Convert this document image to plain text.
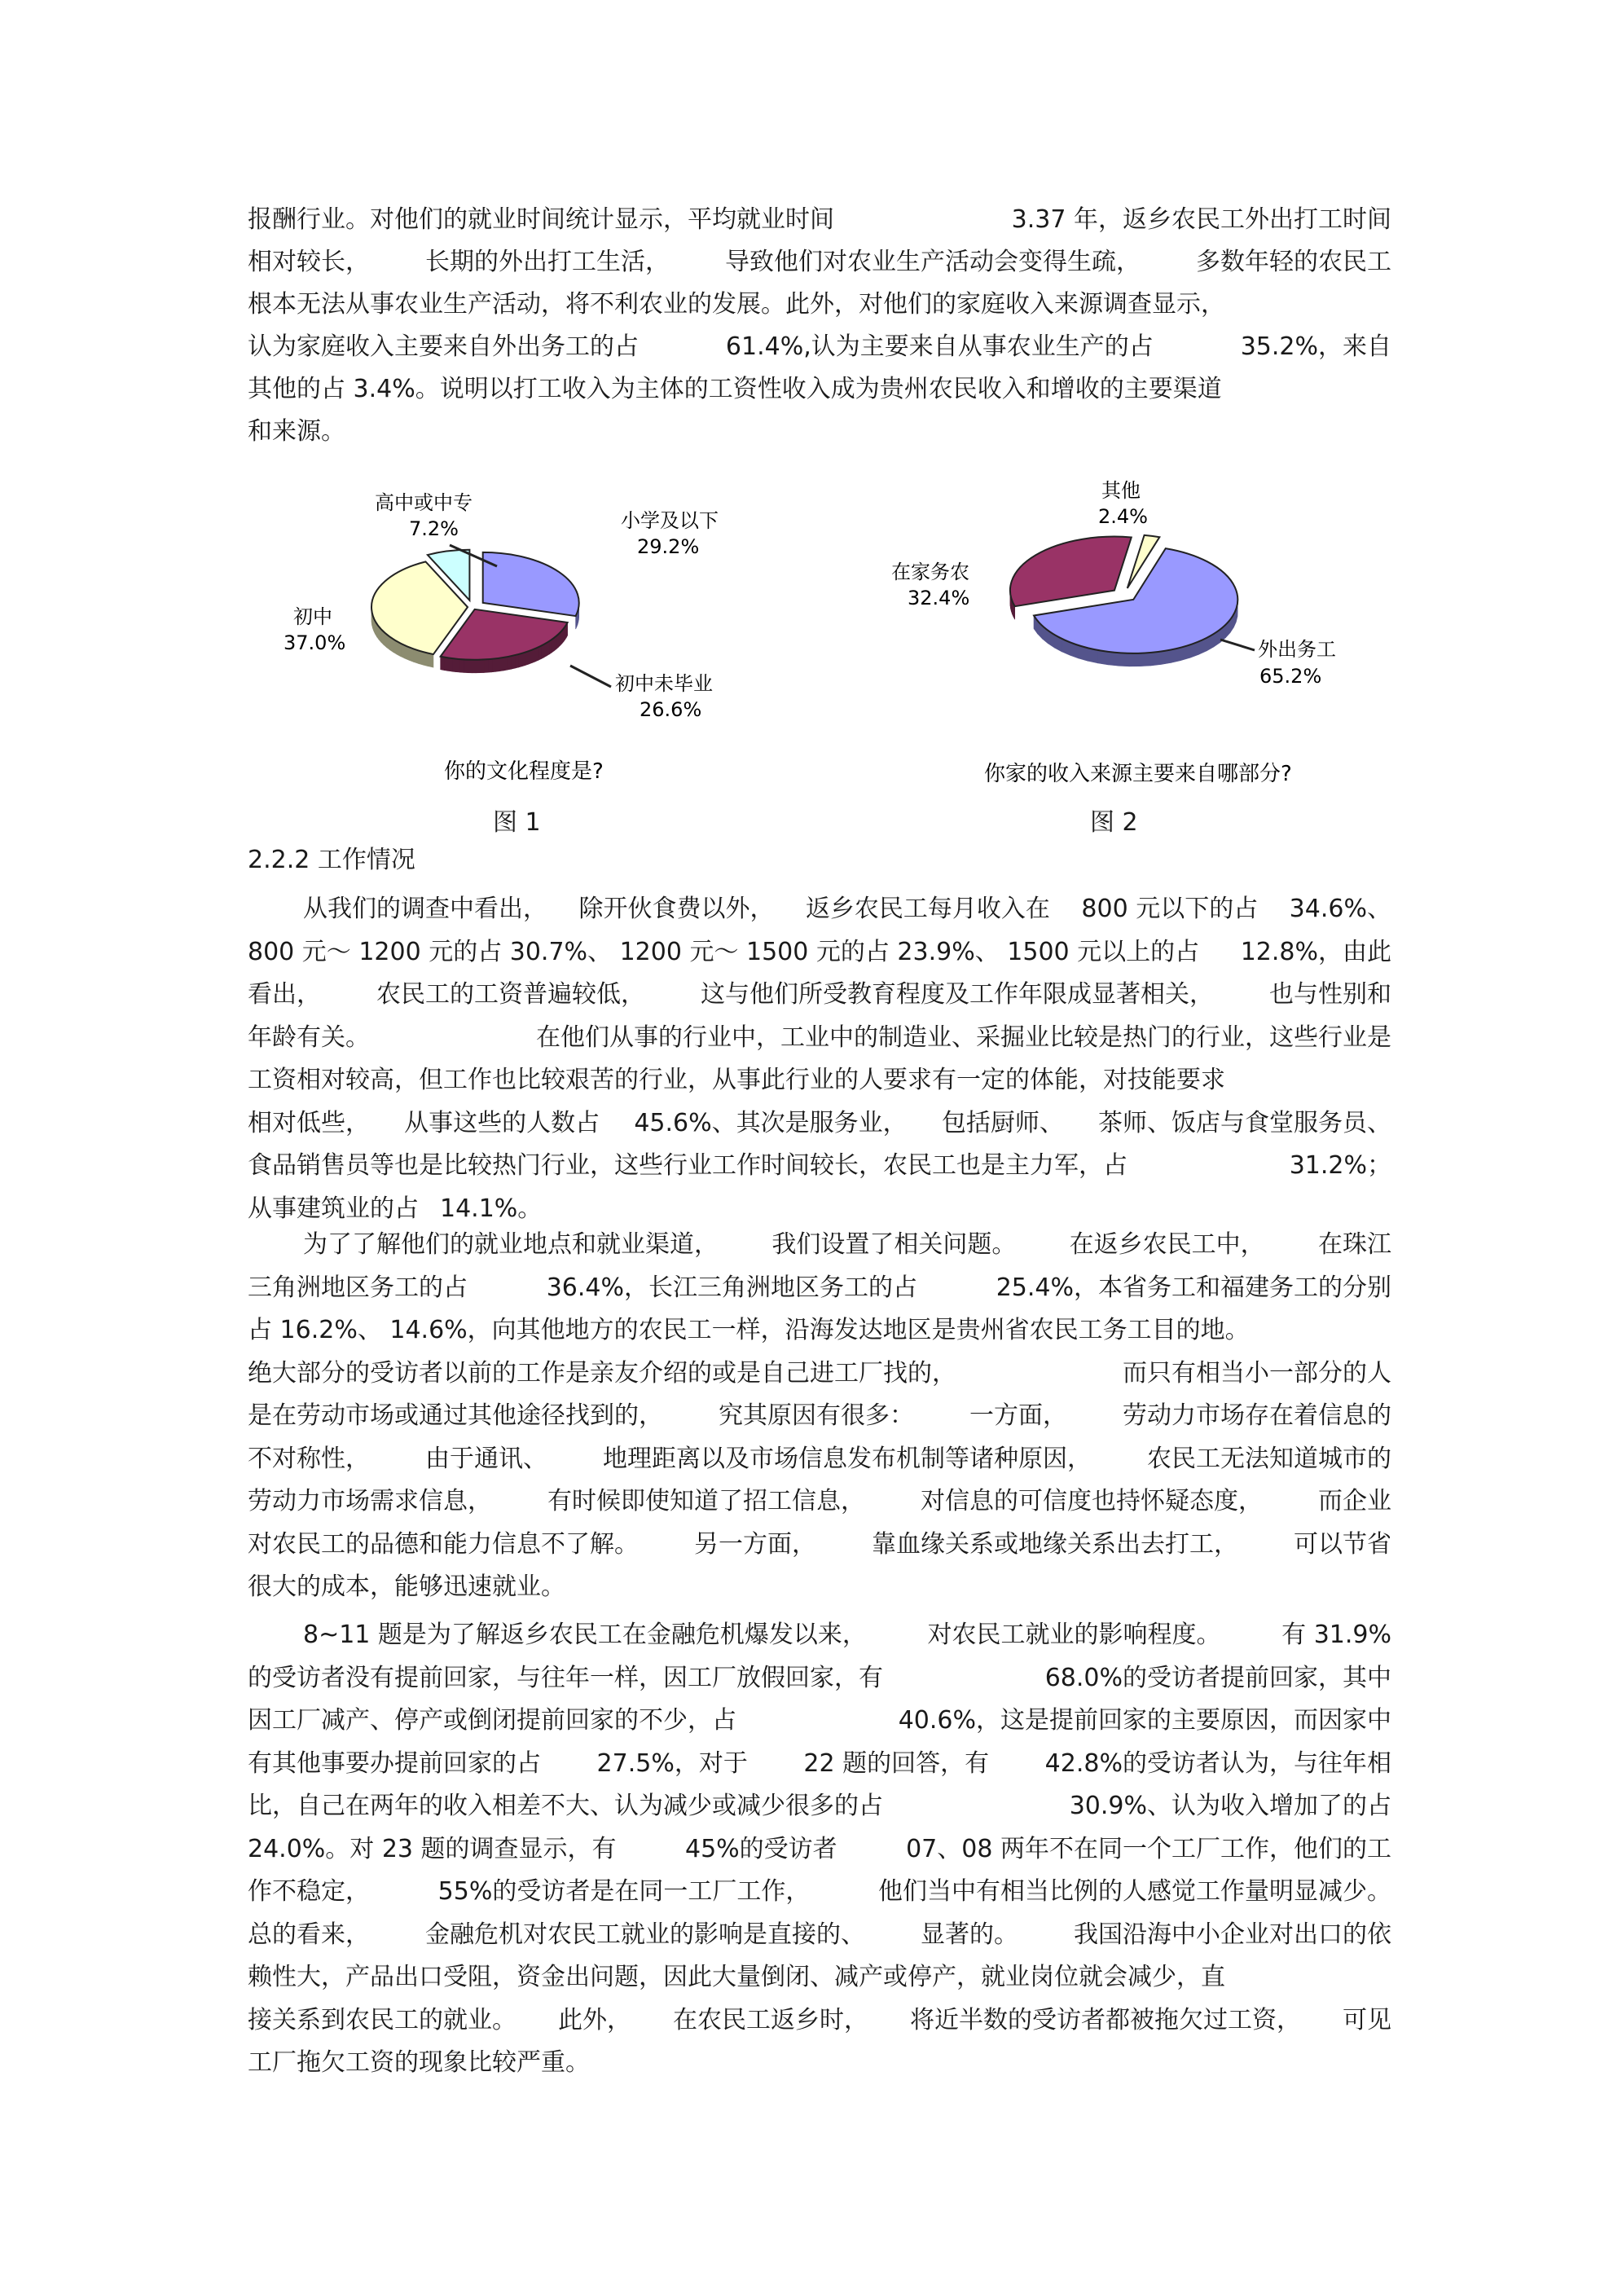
报酬行业。对他们的就业时间统计显示，平均就业时间	3.37 年，返乡农民工外出打工时间
相对较长， 长期的外出打工生活， 导致他们对农业生产活动会变得生疏， 多数年轻的农民工
根本无法从事农业生产活动，将不利农业的发展。此外，对他们的家庭收入来源调查显示，
认为家庭收入主要来自外出务工的占	61.4%,认为主要来自从事农业生产的占	35.2%，来自
其他的占 3.4%。说明以打工收入为主体的工资性收入成为贵州农民收入和增收的主要渠道
和来源。
从我们的调查中看出， 除开伙食费以外， 返乡农民工每月收入在 800 元以下的占 34.6%、
800 元～ 1200 元的占 30.7%、 1200 元～ 1500 元的占 23.9%、 1500 元以上的占 12.8%，由此
看出， 农民工的工资普遍较低， 这与他们所受教育程度及工作年限成显著相关， 也与性别和
年龄有关。	在他们从事的行业中，工业中的制造业、采掘业比较是热门的行业，这些行业是
工资相对较高，但工作也比较艰苦的行业，从事此行业的人要求有一定的体能，对技能要求
相对低些， 从事这些的人数占 45.6%、其次是服务业， 包括厨师、 茶师、饭店与食堂服务员、
食品销售员等也是比较热门行业，这些行业工作时间较长，农民工也是主力军，占	31.2%；
从事建筑业的占 14.1%。
为了了解他们的就业地点和就业渠道， 我们设置了相关问题。 在返乡农民工中， 在珠江
三角洲地区务工的占	36.4%，长江三角洲地区务工的占	25.4%，本省务工和福建务工的分别
占 16.2%、 14.6%，向其他地方的农民工一样，沿海发达地区是贵州省农民工务工目的地。
绝大部分的受访者以前的工作是亲友介绍的或是自己进工厂找的，	而只有相当小一部分的人
是在劳动市场或通过其他途径找到的， 究其原因有很多： 一方面， 劳动力市场存在着信息的
不对称性， 由于通讯、 地理距离以及市场信息发布机制等诸种原因， 农民工无法知道城市的
劳动力市场需求信息， 有时候即使知道了招工信息， 对信息的可信度也持怀疑态度， 而企业
对农民工的品德和能力信息不了解。 另一方面， 靠血缘关系或地缘关系出去打工， 可以节省
很大的成本，能够迅速就业。
8~11 题是为了解返乡农民工在金融危机爆发以来， 对农民工就业的影响程度。 有 31.9%
的受访者没有提前回家，与往年一样，因工厂放假回家，有	68.0%的受访者提前回家，其中
因工厂减产、停产或倒闭提前回家的不少，占	40.6%，这是提前回家的主要原因，而因家中
有其他事要办提前回家的占 27.5%，对于 22 题的回答，有 42.8%的受访者认为，与往年相
比，自己在两年的收入相差不大、认为减少或减少很多的占	30.9%、认为收入增加了的占
24.0%。对 23 题的调查显示，有	45%的受访者	07、08 两年不在同一个工厂工作，他们的工
作不稳定，	55%的受访者是在同一工厂工作，	他们当中有相当比例的人感觉工作量明显减少。
总的看来， 金融危机对农民工就业的影响是直接的、 显著的。 我国沿海中小企业对出口的依
赖性大，产品出口受阻，资金出问题，因此大量倒闭、减产或停产，就业岗位就会减少，直
接关系到农民工的就业。 此外， 在农民工返乡时， 将近半数的受访者都被拖欠过工资， 可见
工厂拖欠工资的现象比较严重。
2.2.2 工作情况
高中或中专
7.2%	小学及以下
29.2%
初中
37.0%
初中未毕业
26.6%
你的文化程度是?
图 1
其他
2.4%
在家务农
32.4%
外出务工
65.2%
你家的收入来源主要来自哪部分?
图 2
